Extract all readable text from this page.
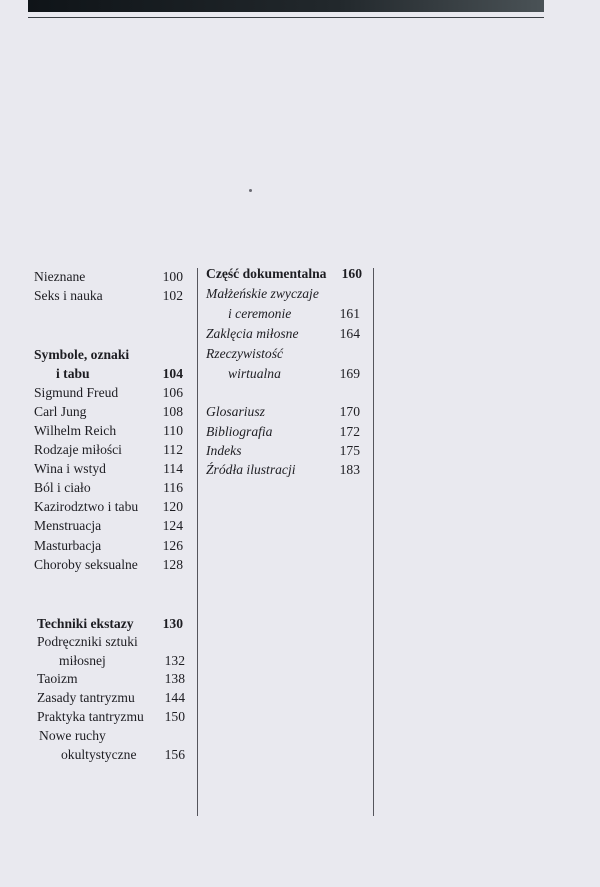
Nieznane	100
Seks i nauka	102
Symbole, oznaki
i tabu	104
Sigmund Freud	106
Carl Jung	108
Wilhelm Reich	110
Rodzaje miłości	112
Wina i wstyd	114
Ból i ciało	116
Kazirodztwo i tabu	120
Menstruacja	124
Masturbacja	126
Choroby seksualne	128
Techniki ekstazy	130
Podręczniki sztuki
miłosnej	132
Taoizm	138
Zasady tantryzmu	144
Praktyka tantryzmu	150
Nowe ruchy
okultystyczne	156
Część dokumentalna	160
Małżeńskie zwyczaje
i ceremonie	161
Zaklęcia miłosne	164
Rzeczywistość
wirtualna	169
Glosariusz	170
Bibliografia	172
Indeks	175
Źródła ilustracji	183
